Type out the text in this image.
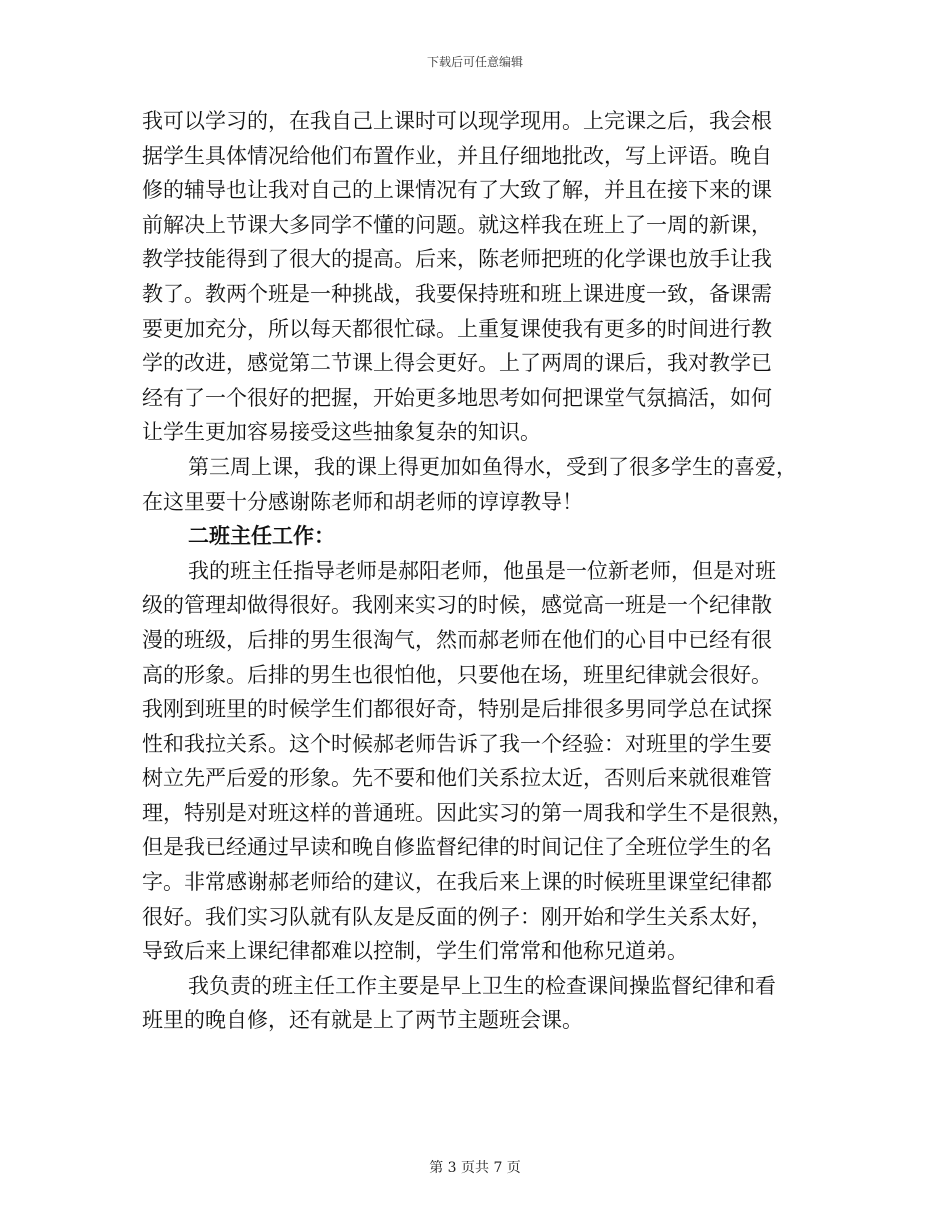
下载后可任意编辑
我可以学习的，在我自己上课时可以现学现用。上完课之后，我会根
据学生具体情况给他们布置作业，并且仔细地批改，写上评语。晚自
修的辅导也让我对自己的上课情况有了大致了解，并且在接下来的课
前解决上节课大多同学不懂的问题。就这样我在班上了一周的新课，
教学技能得到了很大的提高。后来，陈老师把班的化学课也放手让我
教了。教两个班是一种挑战，我要保持班和班上课进度一致，备课需
要更加充分，所以每天都很忙碌。上重复课使我有更多的时间进行教
学的改进，感觉第二节课上得会更好。上了两周的课后，我对教学已
经有了一个很好的把握，开始更多地思考如何把课堂气氛搞活，如何
让学生更加容易接受这些抽象复杂的知识。
第三周上课，我的课上得更加如鱼得水，受到了很多学生的喜爱，
在这里要十分感谢陈老师和胡老师的谆谆教导！
二班主任工作：
我的班主任指导老师是郝阳老师，他虽是一位新老师，但是对班
级的管理却做得很好。我刚来实习的时候，感觉高一班是一个纪律散
漫的班级，后排的男生很淘气，然而郝老师在他们的心目中已经有很
高的形象。后排的男生也很怕他，只要他在场，班里纪律就会很好。
我刚到班里的时候学生们都很好奇，特别是后排很多男同学总在试探
性和我拉关系。这个时候郝老师告诉了我一个经验：对班里的学生要
树立先严后爱的形象。先不要和他们关系拉太近，否则后来就很难管
理，特别是对班这样的普通班。因此实习的第一周我和学生不是很熟，
但是我已经通过早读和晚自修监督纪律的时间记住了全班位学生的名
字。非常感谢郝老师给的建议，在我后来上课的时候班里课堂纪律都
很好。我们实习队就有队友是反面的例子：刚开始和学生关系太好，
导致后来上课纪律都难以控制，学生们常常和他称兄道弟。
我负责的班主任工作主要是早上卫生的检查课间操监督纪律和看
班里的晚自修，还有就是上了两节主题班会课。
第 3 页共 7 页
